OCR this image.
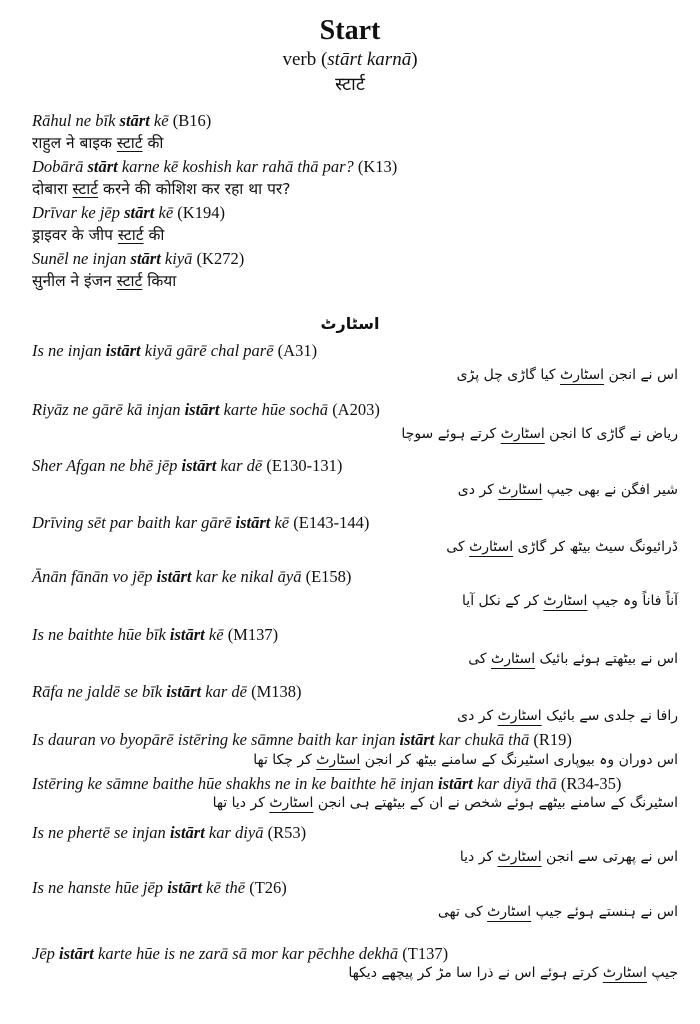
Start
verb (stārt karnā)
स्टार्ट
Rāhul ne bīk stārt kē (B16)
राहुल ने बाइक स्टार्ट की
Dobārā stārt karne kē koshish kar rahā thā par? (K13)
दोबारा स्टार्ट करने की कोशिश कर रहा था पर?
Drīvar ke jēp stārt kē (K194)
ड्राइवर के जीप स्टार्ट की
Sunēl ne injan stārt kiyā (K272)
सुनील ने इंजन स्टार्ट किया
اسٹارٹ
Is ne injan istārt kiyā gārē chal parē (A31)
اس نے انجن اسٹارٹ کیا گاڑی چل پڑی
Riyāz ne gārē kā injan istārt karte hūe sochā (A203)
ریاض نے گاڑی کا انجن اسٹارٹ کرتے ہوئے سوچا
Sher Afgan ne bhē jēp istārt kar dē (E130-131)
شیر افگن نے بھی جیپ اسٹارٹ کر دی
Drīving sēt par baith kar gārē istārt kē (E143-144)
ڈرائیونگ سیٹ بیٹھ کر گاڑی اسٹارٹ کی
Ānān fānān vo jēp istārt kar ke nikal āyā (E158)
آناً فاناً وہ جیپ اسٹارٹ کر کے نکل آیا
Is ne baithte hūe bīk istārt kē (M137)
اس نے بیٹھتے ہوئے بائیک اسٹارٹ کی
Rāfa ne jaldē se bīk istārt kar dē (M138)
رافا نے جلدی سے بائیک اسٹارٹ کر دی
Is dauran vo byopārē istēring ke sāmne baith kar injan istārt kar chukā thā (R19)
اس دوران وہ بیوپاری اسٹیرنگ کے سامنے بیٹھ کر انجن اسٹارٹ کر چکا تھا
Istēring ke sāmne baithe hūe shakhs ne in ke baithte hē injan istārt kar diyā thā (R34-35)
اسٹیرنگ کے سامنے بیٹھے ہوئے شخص نے ان کے بیٹھتے ہی انجن اسٹارٹ کر دیا تھا
Is ne phertē se injan istārt kar diyā (R53)
اس نے پھرتی سے انجن اسٹارٹ کر دیا
Is ne hanste hūe jēp istārt kē thē (T26)
اس نے ہنستے ہوئے جیپ اسٹارٹ کی تھی
Jēp istārt karte hūe is ne zarā sā mor kar pēchhe dekhā (T137)
جیپ اسٹارٹ کرتے ہوئے اس نے ذرا سا مڑ کر پیچھے دیکھا
